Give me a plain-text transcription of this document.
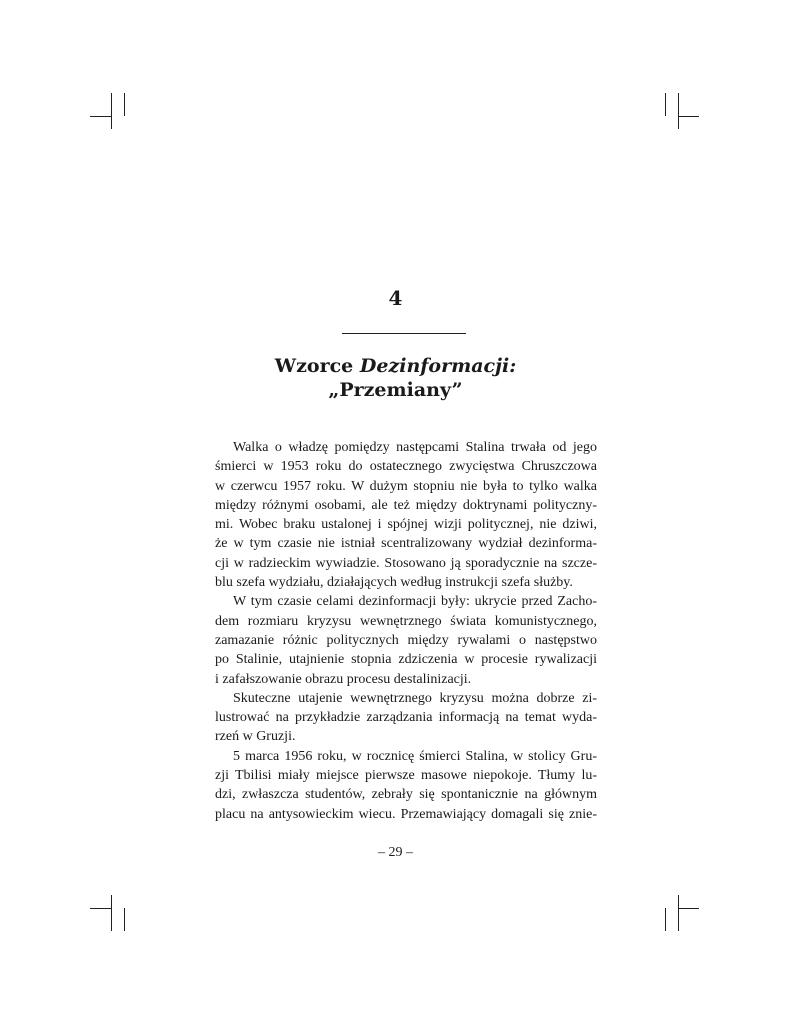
4
Wzorce Dezinformacji:
„Przemiany”
Walka o władzę pomiędzy następcami Stalina trwała od jego
śmierci w 1953 roku do ostatecznego zwycięstwa Chruszczowa
w czerwcu 1957 roku. W dużym stopniu nie była to tylko walka
między różnymi osobami, ale też między doktrynami polityczny-
mi. Wobec braku ustalonej i spójnej wizji politycznej, nie dziwi,
że w tym czasie nie istniał scentralizowany wydział dezinforma-
cji w radzieckim wywiadzie. Stosowano ją sporadycznie na szcze-
blu szefa wydziału, działających według instrukcji szefa służby.
W tym czasie celami dezinformacji były: ukrycie przed Zacho-
dem rozmiaru kryzysu wewnętrznego świata komunistycznego,
zamazanie różnic politycznych między rywalami o następstwo
po Stalinie, utajnienie stopnia zdziczenia w procesie rywalizacji
i zafałszowanie obrazu procesu destalinizacji.
Skuteczne utajenie wewnętrznego kryzysu można dobrze zi-
lustrować na przykładzie zarządzania informacją na temat wyda-
rzeń w Gruzji.
5 marca 1956 roku, w rocznicę śmierci Stalina, w stolicy Gru-
zji Tbilisi miały miejsce pierwsze masowe niepokoje. Tłumy lu-
dzi, zwłaszcza studentów, zebrały się spontanicznie na głównym
placu na antysowieckim wiecu. Przemawiający domagali się znie-
– 29 –
